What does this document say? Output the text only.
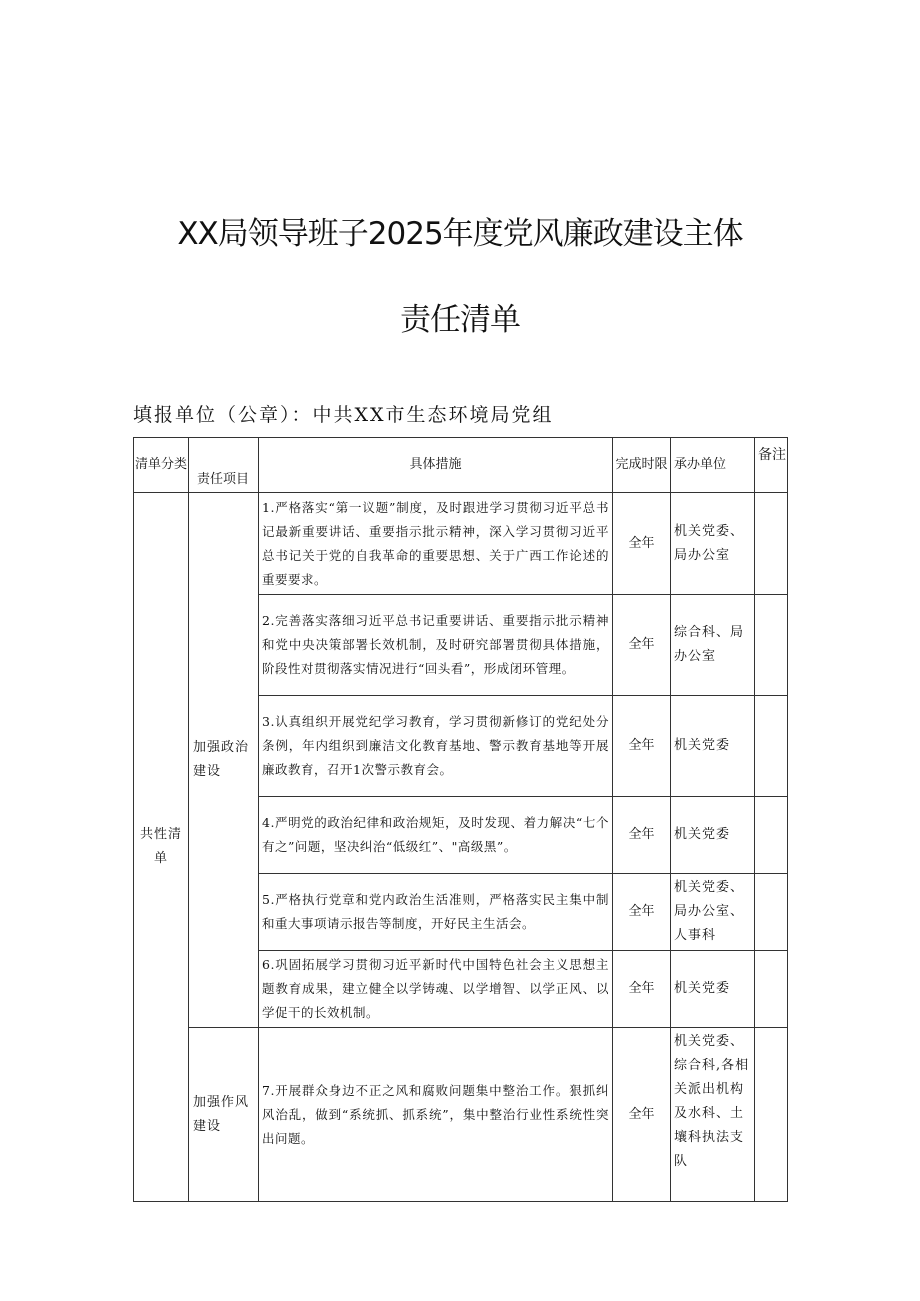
XX局领导班子2025年度党风廉政建设主体
责任清单
填报单位（公章）：中共XX市生态环境局党组
清单分类	责任项目	具体措施	完成时限	承办单位	备注
共性清单	加强政治建设	1.严格落实“第一议题”制度，及时跟进学习贯彻习近平总书记最新重要讲话、重要指示批示精神，深入学习贯彻习近平总书记关于党的自我革命的重要思想、关于广西工作论述的重要要求。	全年	机关党委、局办公室	
		2.完善落实落细习近平总书记重要讲话、重要指示批示精神和党中央决策部署长效机制，及时研究部署贯彻具体措施，阶段性对贯彻落实情况进行“回头看”，形成闭环管理。	全年	综合科、局办公室	
		3.认真组织开展党纪学习教育，学习贯彻新修订的党纪处分条例，年内组织到廉洁文化教育基地、警示教育基地等开展廉政教育，召开1次警示教育会。	全年	机关党委	
		4.严明党的政治纪律和政治规矩，及时发现、着力解决“七个有之”问题，坚决纠治“低级红”、"高级黑”。	全年	机关党委	
		5.严格执行党章和党内政治生活准则，严格落实民主集中制和重大事项请示报告等制度，开好民主生活会。	全年	机关党委、局办公室、人事科	
		6.巩固拓展学习贯彻习近平新时代中国特色社会主义思想主题教育成果，建立健全以学铸魂、以学增智、以学正风、以学促干的长效机制。	全年	机关党委	
	加强作风建设	7.开展群众身边不正之风和腐败问题集中整治工作。狠抓纠风治乱，做到“系统抓、抓系统”，集中整治行业性系统性突出问题。	全年	机关党委、综合科,各相关派出机构及水科、土壤科执法支队	
